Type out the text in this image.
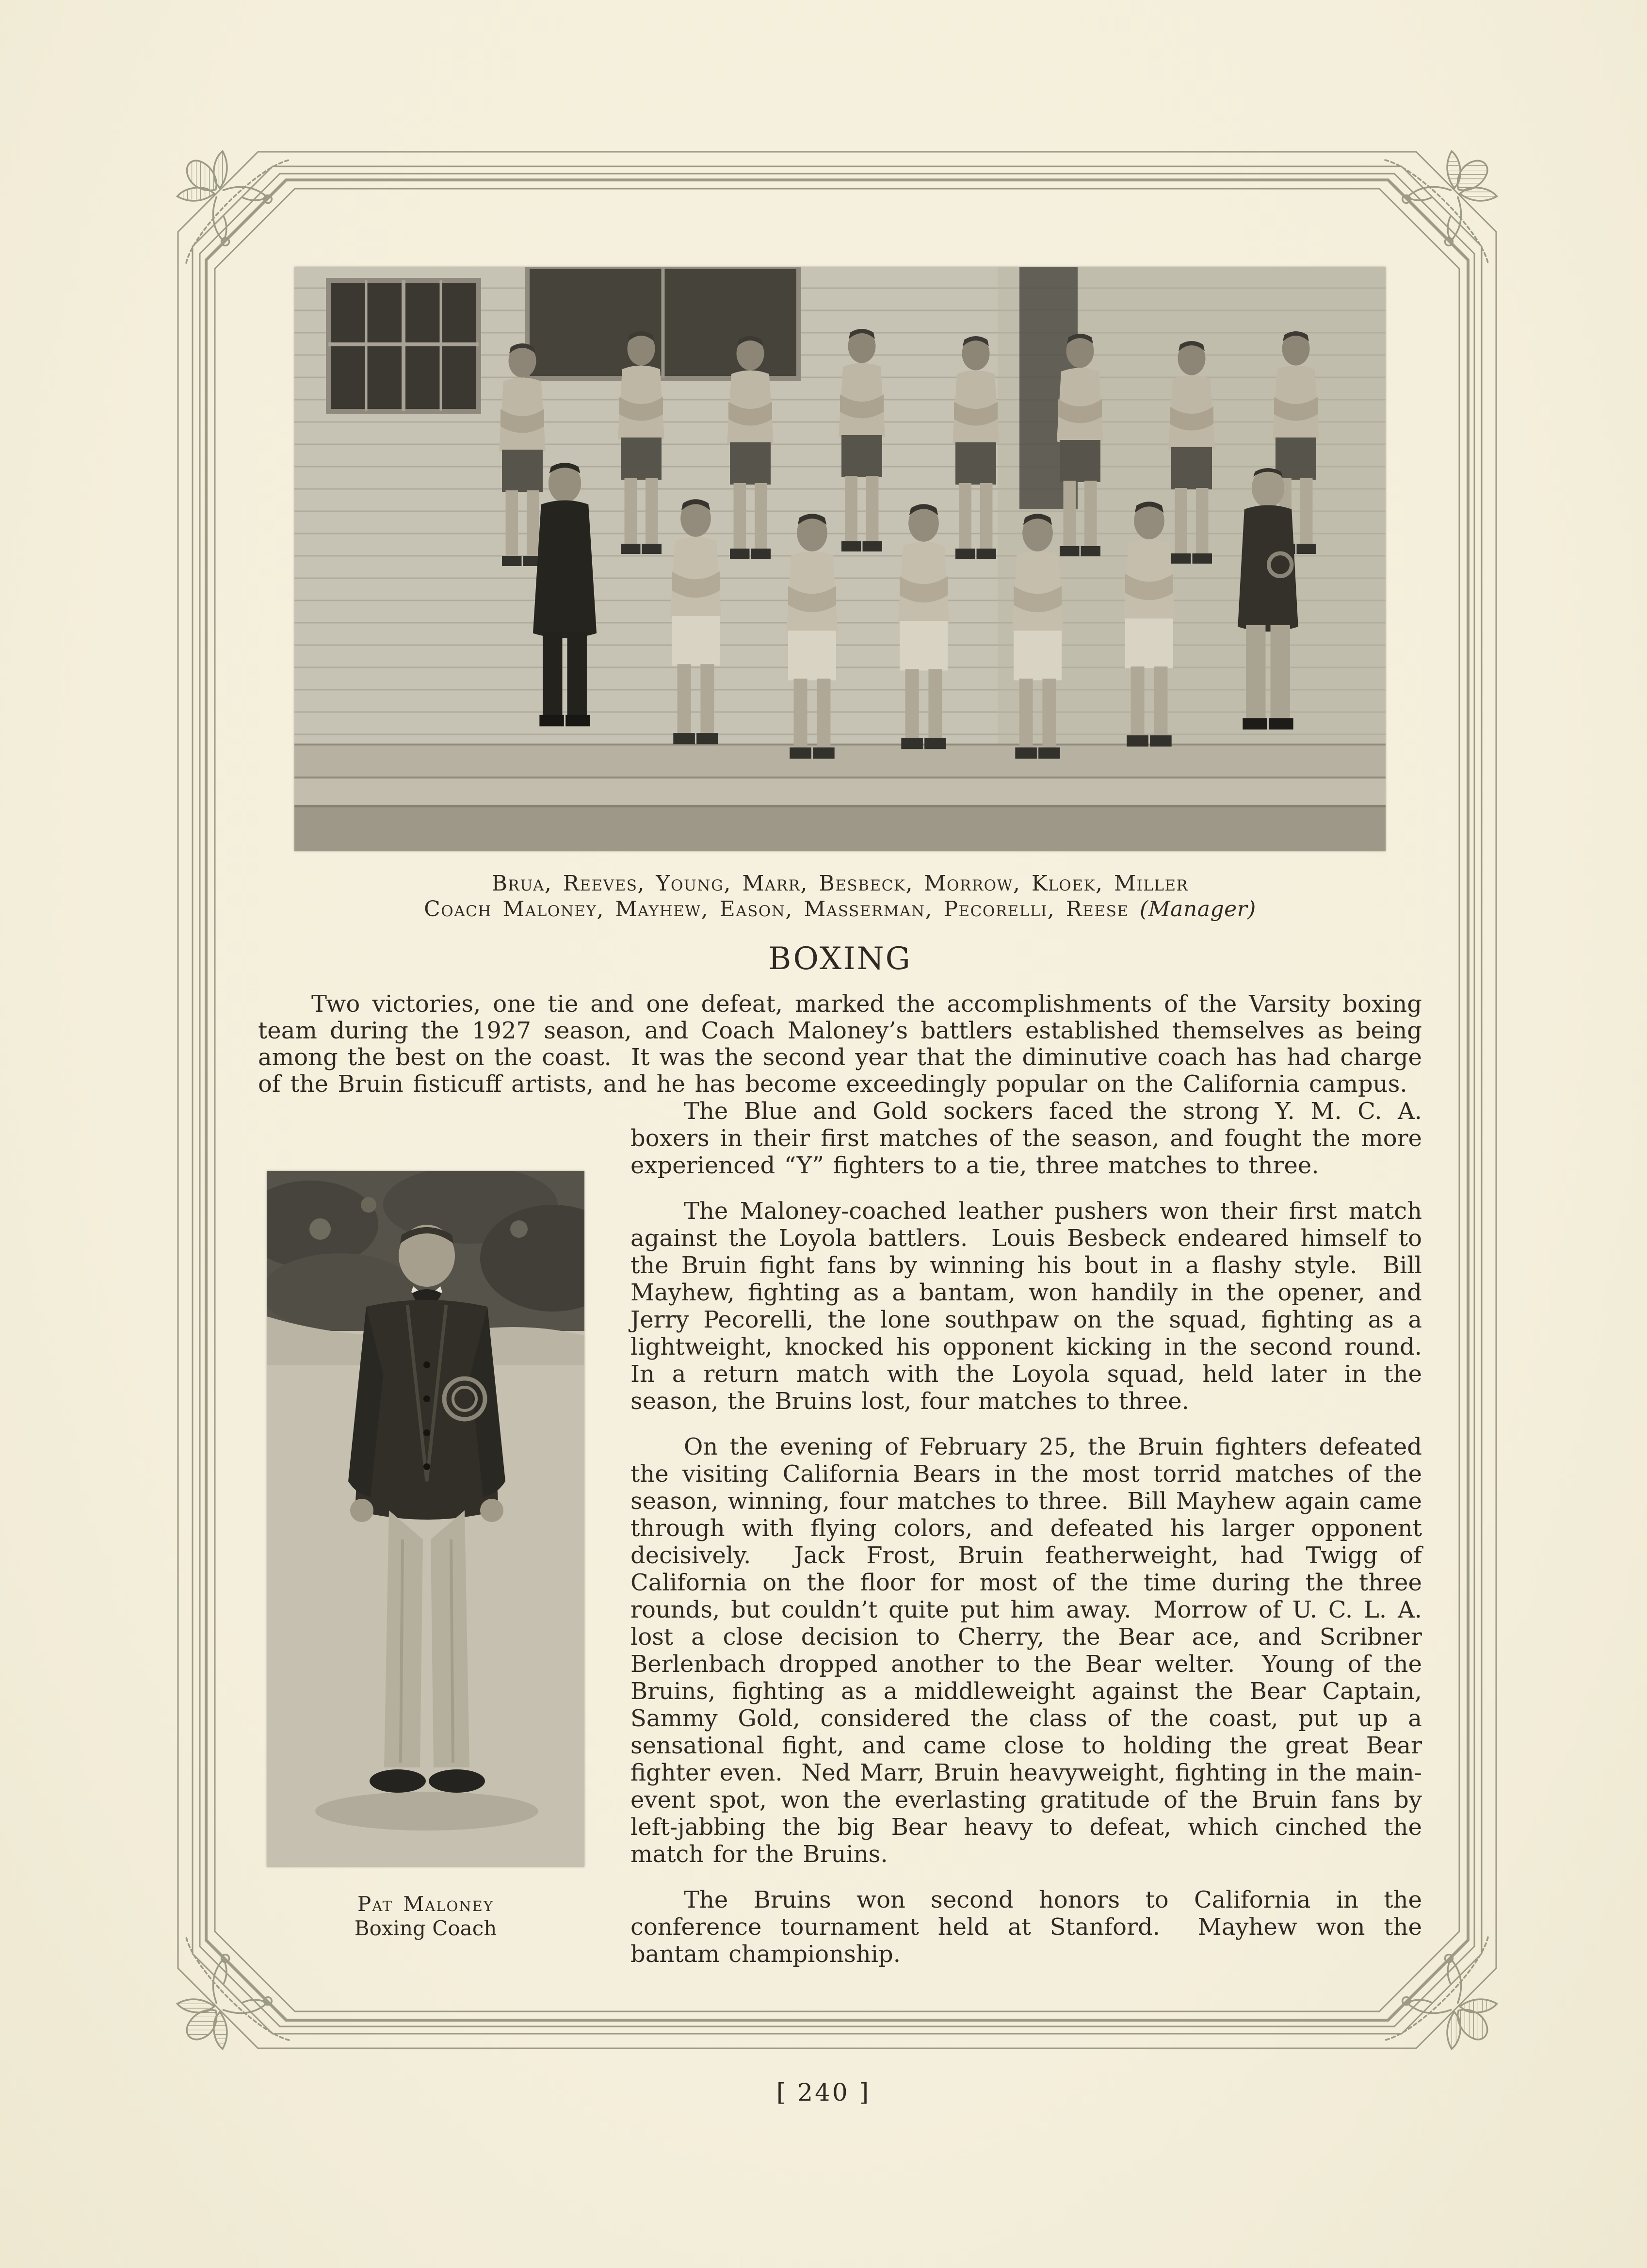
Brua, Reeves, Young, Marr, Besbeck, Morrow, Kloek, Miller
Coach Maloney, Mayhew, Eason, Masserman, Pecorelli, Reese (Manager)
BOXING

Two victories, one tie and one defeat, marked the accomplishments of the Varsity boxing team during the 1927 season, and Coach Maloney’s battlers established themselves as being among the best on the coast.  It was the second year that the diminutive coach has had charge of the Bruin fisticuff artists, and he has become exceedingly popular on the California campus.

Pat Maloney
Boxing Coach

The Blue and Gold sockers faced the strong Y. M. C. A. boxers in their first matches of the season, and fought the more experienced “Y” fighters to a tie, three matches to three.

The Maloney-coached leather pushers won their first match against the Loyola battlers.  Louis Besbeck endeared himself to the Bruin fight fans by winning his bout in a flashy style.  Bill Mayhew, fighting as a bantam, won handily in the opener, and Jerry Pecorelli, the lone southpaw on the squad, fighting as a lightweight, knocked his opponent kicking in the second round.  In a return match with the Loyola squad, held later in the season, the Bruins lost, four matches to three.

On the evening of February 25, the Bruin fighters defeated the visiting California Bears in the most torrid matches of the season, winning, four matches to three.  Bill Mayhew again came through with flying colors, and defeated his larger opponent decisively.  Jack Frost, Bruin featherweight, had Twigg of California on the floor for most of the time during the three rounds, but couldn’t quite put him away.  Morrow of U. C. L. A. lost a close decision to Cherry, the Bear ace, and Scribner Berlenbach dropped another to the Bear welter.  Young of the Bruins, fighting as a middleweight against the Bear Captain, Sammy Gold, considered the class of the coast, put up a sensational fight, and came close to holding the great Bear fighter even.  Ned Marr, Bruin heavyweight, fighting in the main-event spot, won the everlasting gratitude of the Bruin fans by left-jabbing the big Bear heavy to defeat, which cinched the match for the Bruins.

The Bruins won second honors to California in the conference tournament held at Stanford.  Mayhew won the bantam championship.

[ 240 ]
